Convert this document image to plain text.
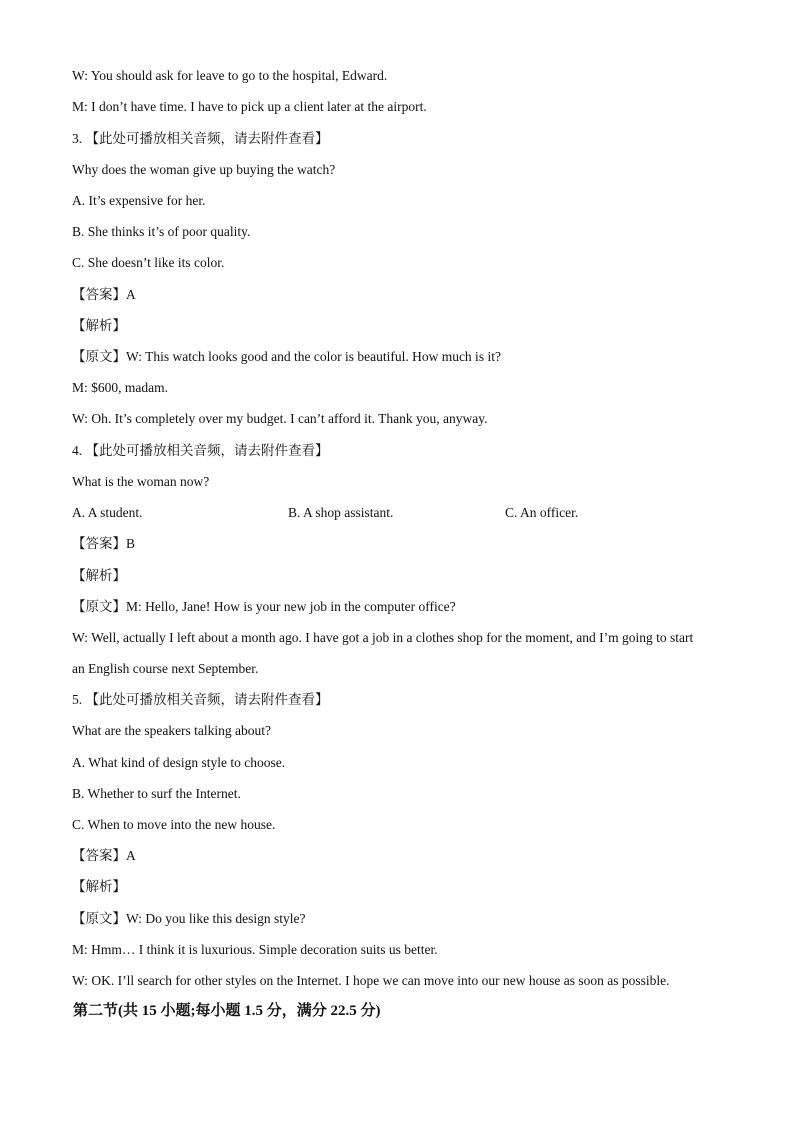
W: You should ask for leave to go to the hospital, Edward.
M: I don’t have time. I have to pick up a client later at the airport.
3. 【此处可播放相关音频，请去附件查看】
Why does the woman give up buying the watch?
A. It’s expensive for her.
B. She thinks it’s of poor quality.
C. She doesn’t like its color.
【答案】A
【解析】
【原文】W: This watch looks good and the color is beautiful. How much is it?
M: $600, madam.
W: Oh. It’s completely over my budget. I can’t afford it. Thank you, anyway.
4. 【此处可播放相关音频，请去附件查看】
What is the woman now?
A. A student.	B. A shop assistant.	C. An officer.
【答案】B
【解析】
【原文】M: Hello, Jane! How is your new job in the computer office?
W: Well, actually I left about a month ago. I have got a job in a clothes shop for the moment, and I’m going to start
an English course next September.
5. 【此处可播放相关音频，请去附件查看】
What are the speakers talking about?
A. What kind of design style to choose.
B. Whether to surf the Internet.
C. When to move into the new house.
【答案】A
【解析】
【原文】W: Do you like this design style?
M: Hmm… I think it is luxurious. Simple decoration suits us better.
W: OK. I’ll search for other styles on the Internet. I hope we can move into our new house as soon as possible.
第二节(共 15 小题;每小题 1.5 分，满分 22.5 分)
